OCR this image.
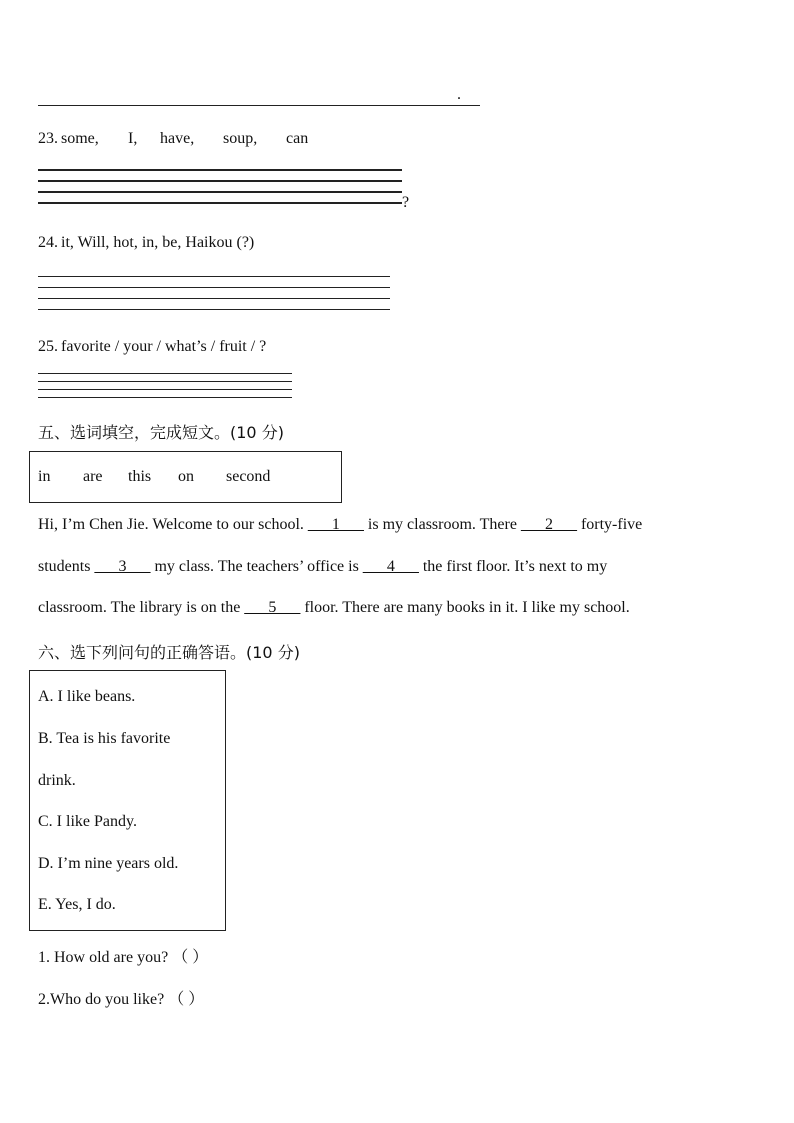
.
23. some, I, have, soup, can
?
24. it, Will, hot, in, be, Haikou (?)
25. favorite / your / what’s / fruit / ?
五、选词填空，完成短文。(10 分)
in are this on second
Hi, I’m Chen Jie. Welcome to our school. ___1___ is my classroom. There ___2___ forty-five
students ___3___ my class. The teachers’ office is ___4___ the first floor. It’s next to my
classroom. The library is on the ___5___ floor. There are many books in it. I like my school.
六、选下列问句的正确答语。(10 分)
A. I like beans.
B. Tea is his favorite
drink.
C. I like Pandy.
D. I’m nine years old.
E. Yes, I do.
1. How old are you? （ ）
2.Who do you like? （ ）
